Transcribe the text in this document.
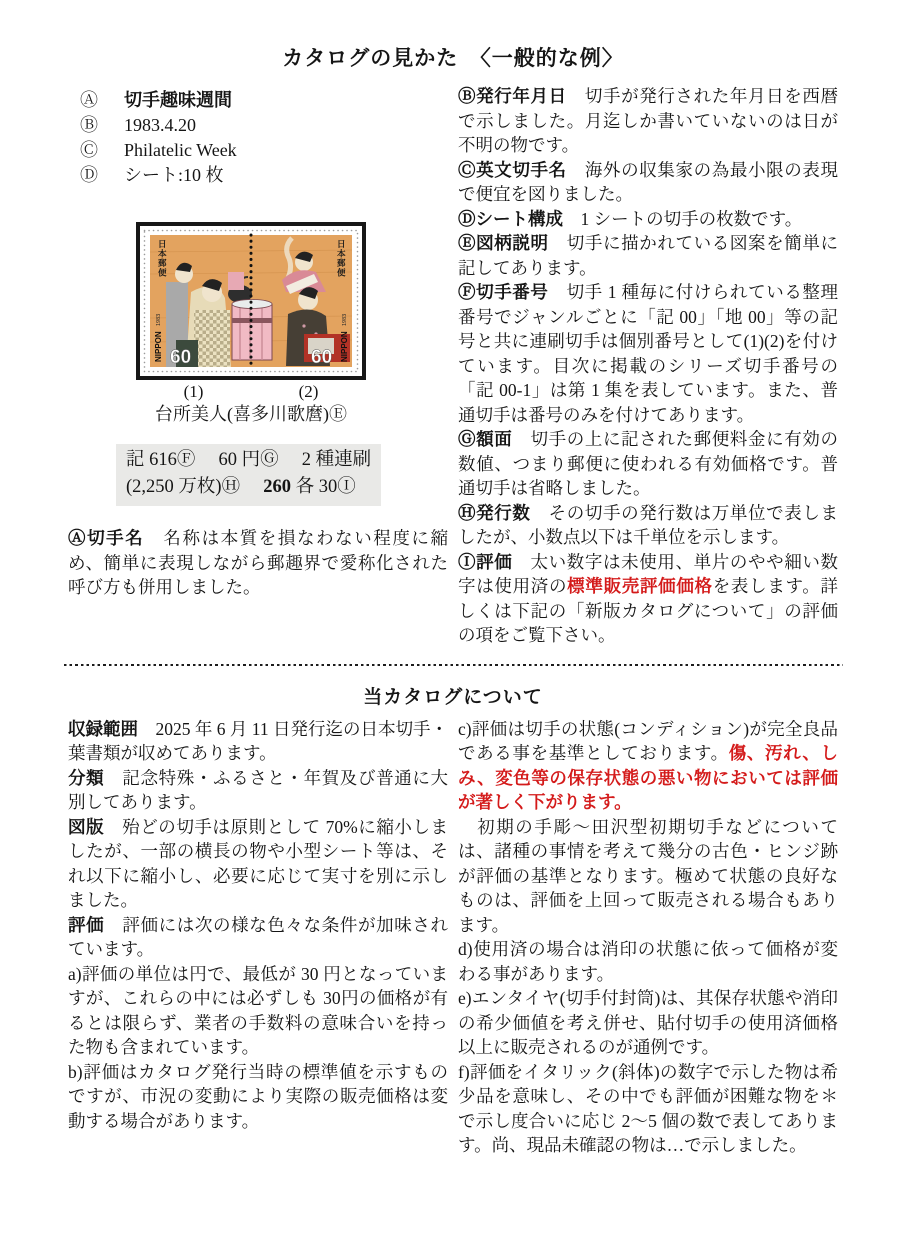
カタログの見かた　〈一般的な例〉
Ⓐ	切手趣味週間
Ⓑ	1983.4.20
Ⓒ	Philatelic Week
Ⓓ	シート:10 枚
日本郵便
1983
NIPPON 60
日本郵便
1983
NIPPON
60
(1)	(2)
台所美人(喜多川歌麿)Ⓔ
記 616Ⓕ　 60 円Ⓖ　 2 種連刷
(2,250 万枚)Ⓗ　 260 各 30Ⓘ

Ⓐ切手名　名称は本質を損なわない程度に縮め、簡単に表現しながら郵趣界で愛称化された呼び方も併用しました。

Ⓑ発行年月日　切手が発行された年月日を西暦で示しました。月迄しか書いていないのは日が不明の物です。

Ⓒ英文切手名　海外の収集家の為最小限の表現で便宜を図りました。

Ⓓシート構成　1 シートの切手の枚数です。

Ⓔ図柄説明　切手に描かれている図案を簡単に記してあります。

Ⓕ切手番号　切手 1 種毎に付けられている整理番号でジャンルごとに「記 00」「地 00」等の記号と共に連刷切手は個別番号として(1)(2)を付けています。目次に掲載のシリーズ切手番号の「記 00-1」は第 1 集を表しています。また、普通切手は番号のみを付けてあります。

Ⓖ額面　切手の上に記された郵便料金に有効の数値、つまり郵便に使われる有効価格です。普通切手は省略しました。

Ⓗ発行数　その切手の発行数は万単位で表しましたが、小数点以下は千単位を示します。

Ⓘ評価　太い数字は未使用、単片のやや細い数字は使用済の標準販売評価価格を表します。詳しくは下記の「新版カタログについて」の評価の項をご覧下さい。

当カタログについて

収録範囲　2025 年 6 月 11 日発行迄の日本切手・葉書類が収めてあります。

分類　記念特殊・ふるさと・年賀及び普通に大別してあります。

図版　殆どの切手は原則として 70%に縮小しましたが、一部の横長の物や小型シート等は、それ以下に縮小し、必要に応じて実寸を別に示しました。

評価　評価には次の様な色々な条件が加味されています。

a)評価の単位は円で、最低が 30 円となっていますが、これらの中には必ずしも 30円の価格が有るとは限らず、業者の手数料の意味合いを持った物も含まれています。

b)評価はカタログ発行当時の標準値を示すものですが、市況の変動により実際の販売価格は変動する場合があります。

c)評価は切手の状態(コンディション)が完全良品である事を基準としております。傷、汚れ、しみ、変色等の保存状態の悪い物においては評価が著しく下がります。

　初期の手彫〜田沢型初期切手などについては、諸種の事情を考えて幾分の古色・ヒンジ跡が評価の基準となります。極めて状態の良好なものは、評価を上回って販売される場合もあります。

d)使用済の場合は消印の状態に依って価格が変わる事があります。

e)エンタイヤ(切手付封筒)は、其保存状態や消印の希少価値を考え併せ、貼付切手の使用済価格以上に販売されるのが通例です。

f)評価をイタリック(斜体)の数字で示した物は希少品を意味し、その中でも評価が困難な物を＊で示し度合いに応じ 2〜5 個の数で表してあります。尚、現品未確認の物は…で示しました。
